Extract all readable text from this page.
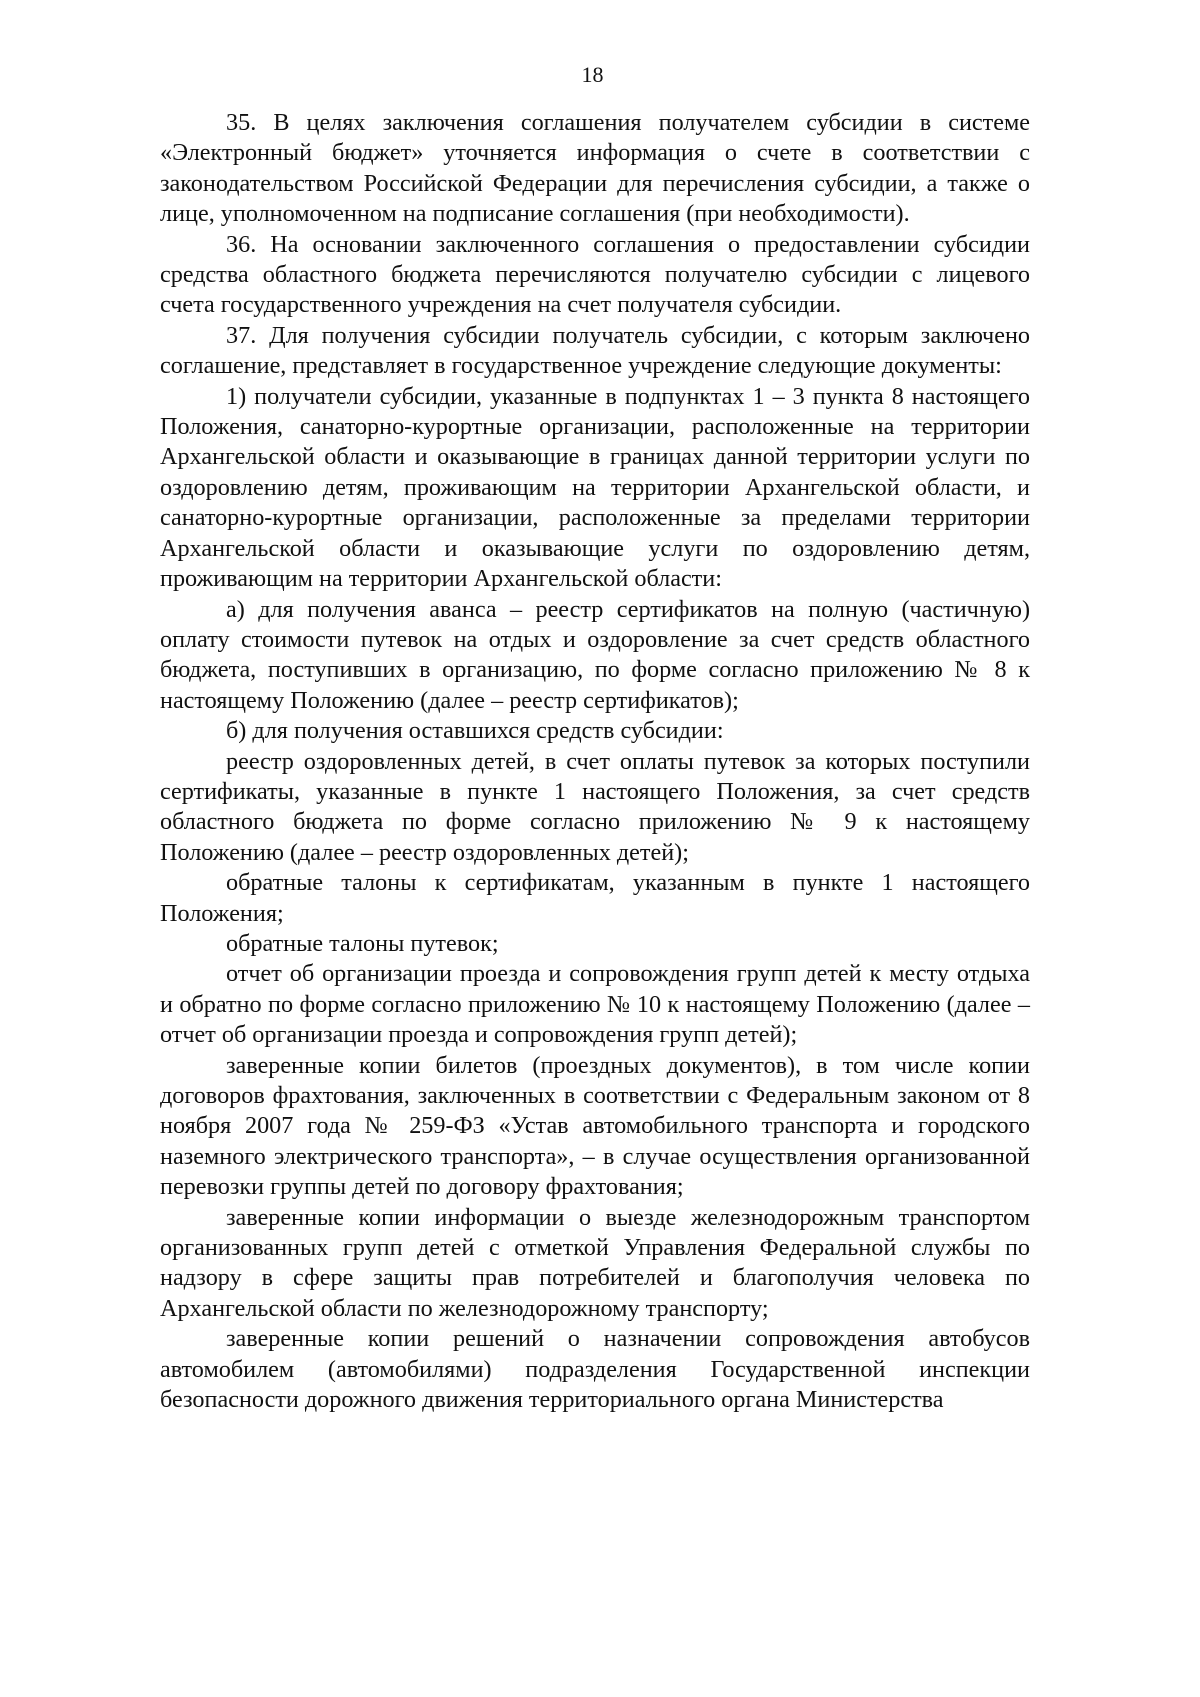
18

35. В целях заключения соглашения получателем субсидии в системе «Электронный бюджет» уточняется информация о счете в соответствии с законодательством Российской Федерации для перечисления субсидии, а также о лице, уполномоченном на подписание соглашения (при необходимости).

36. На основании заключенного соглашения о предоставлении субсидии средства областного бюджета перечисляются получателю субсидии с лицевого счета государственного учреждения на счет получателя субсидии.

37. Для получения субсидии получатель субсидии, с которым заключено соглашение, представляет в государственное учреждение следующие документы:

1) получатели субсидии, указанные в подпунктах 1 – 3 пункта 8 настоящего Положения, санаторно-курортные организации, расположенные на территории Архангельской области и оказывающие в границах данной территории услуги по оздоровлению детям, проживающим на территории Архангельской области, и санаторно-курортные организации, расположенные за пределами территории Архангельской области и оказывающие услуги по оздоровлению детям, проживающим на территории Архангельской области:

а) для получения аванса – реестр сертификатов на полную (частичную) оплату стоимости путевок на отдых и оздоровление за счет средств областного бюджета, поступивших в организацию, по форме согласно приложению № 8 к настоящему Положению (далее – реестр сертификатов);

б) для получения оставшихся средств субсидии:

реестр оздоровленных детей, в счет оплаты путевок за которых поступили сертификаты, указанные в пункте 1 настоящего Положения, за счет средств областного бюджета по форме согласно приложению № 9 к настоящему Положению (далее – реестр оздоровленных детей);

обратные талоны к сертификатам, указанным в пункте 1 настоящего Положения;

обратные талоны путевок;

отчет об организации проезда и сопровождения групп детей к месту отдыха и обратно по форме согласно приложению № 10 к настоящему Положению (далее – отчет об организации проезда и сопровождения групп детей);

заверенные копии билетов (проездных документов), в том числе копии договоров фрахтования, заключенных в соответствии с Федеральным законом от 8 ноября 2007 года № 259-ФЗ «Устав автомобильного транспорта и городского наземного электрического транспорта», – в случае осуществления организованной перевозки группы детей по договору фрахтования;

заверенные копии информации о выезде железнодорожным транспортом организованных групп детей с отметкой Управления Федеральной службы по надзору в сфере защиты прав потребителей и благополучия человека по Архангельской области по железнодорожному транспорту;

заверенные копии решений о назначении сопровождения автобусов автомобилем (автомобилями) подразделения Государственной инспекции безопасности дорожного движения территориального органа Министерства
